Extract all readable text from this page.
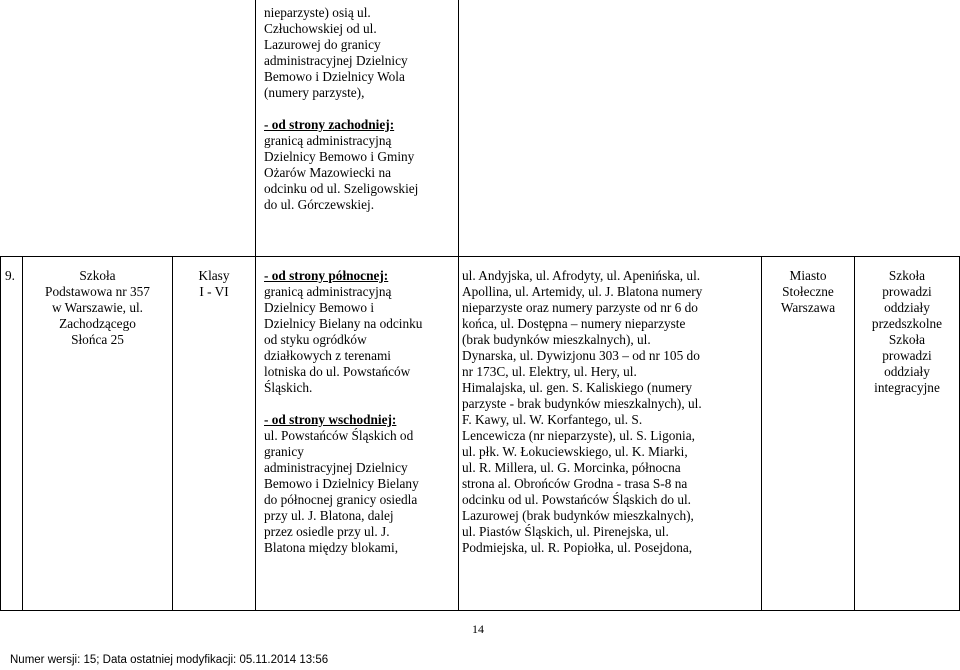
nieparzyste) osią ul.
Człuchowskiej od ul.
Lazurowej do granicy
administracyjnej Dzielnicy
Bemowo i Dzielnicy Wola
(numery parzyste),
- od strony zachodniej:
granicą administracyjną
Dzielnicy Bemowo i Gminy
Ożarów Mazowiecki na
odcinku od ul. Szeligowskiej
do ul. Górczewskiej.
9.	Szkoła
Podstawowa nr 357
w Warszawie, ul.
Zachodzącego
Słońca 25
Klasy
I - VI
- od strony północnej:
granicą administracyjną
Dzielnicy Bemowo i
Dzielnicy Bielany na odcinku
od styku ogródków
działkowych z terenami
lotniska do ul. Powstańców
Śląskich.
- od strony wschodniej:
ul. Powstańców Śląskich od
granicy
administracyjnej Dzielnicy
Bemowo i Dzielnicy Bielany
do północnej granicy osiedla
przy ul. J. Blatona, dalej
przez osiedle przy ul. J.
Blatona między blokami,
ul. Andyjska, ul. Afrodyty, ul. Apenińska, ul.
Apollina, ul. Artemidy, ul. J. Blatona numery
nieparzyste oraz numery parzyste od nr 6 do
końca, ul. Dostępna – numery nieparzyste
(brak budynków mieszkalnych), ul.
Dynarska, ul. Dywizjonu 303 – od nr 105 do
nr 173C, ul. Elektry, ul. Hery, ul.
Himalajska, ul. gen. S. Kaliskiego (numery
parzyste - brak budynków mieszkalnych), ul.
F. Kawy, ul. W. Korfantego, ul. S.
Lencewicza (nr nieparzyste), ul. S. Ligonia,
ul. płk. W. Łokuciewskiego, ul. K. Miarki,
ul. R. Millera, ul. G. Morcinka, północna
strona al. Obrońców Grodna - trasa S-8 na
odcinku od ul. Powstańców Śląskich do ul.
Lazurowej (brak budynków mieszkalnych),
ul. Piastów Śląskich, ul. Pirenejska, ul.
Podmiejska, ul. R. Popiołka, ul. Posejdona,
Miasto
Stołeczne
Warszawa
Szkoła
prowadzi
oddziały
przedszkolne
Szkoła
prowadzi
oddziały
integracyjne
14
Numer wersji: 15; Data ostatniej modyfikacji: 05.11.2014 13:56
